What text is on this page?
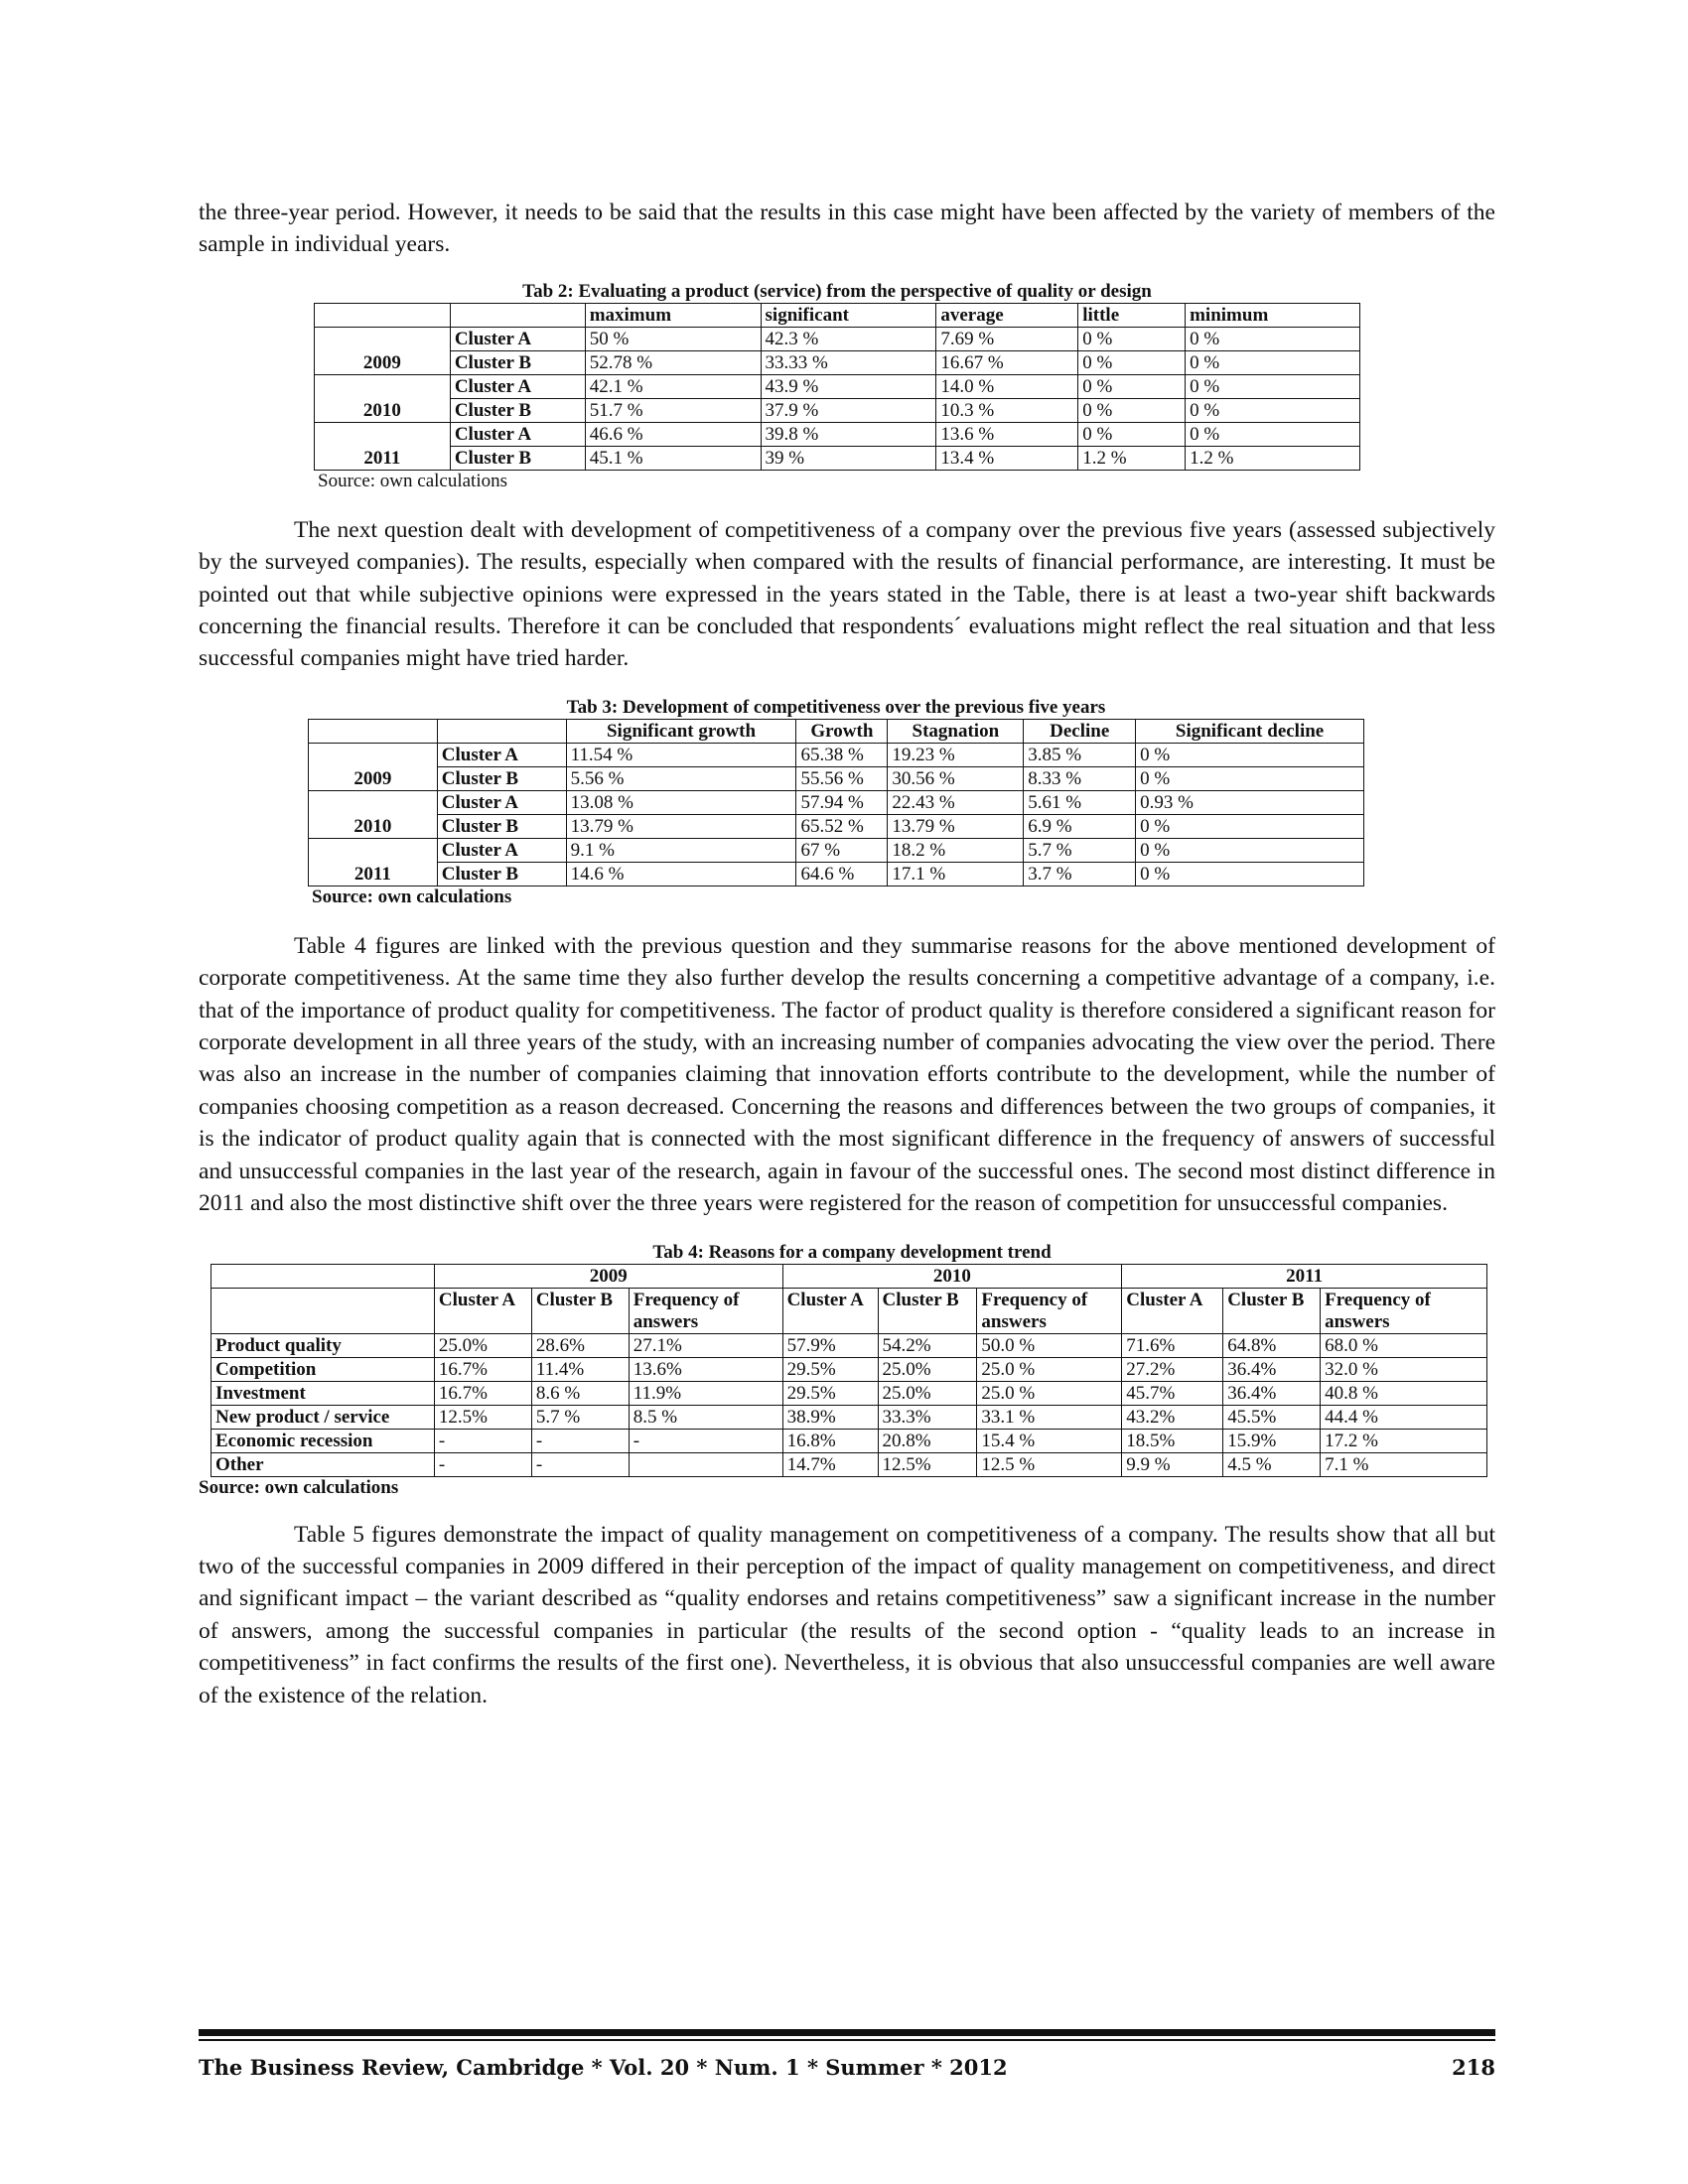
the three-year period. However, it needs to be said that the results in this case might have been affected by the variety of members of the sample in individual years.

Tab 2: Evaluating a product (service) from the perspective of quality or design

		maximum	significant	average	little	minimum
2009	Cluster A	50 %	42.3 %	7.69 %	0 %	0 %
	Cluster B	52.78 %	33.33 %	16.67 %	0 %	0 %
2010	Cluster A	42.1 %	43.9 %	14.0 %	0 %	0 %
	Cluster B	51.7 %	37.9 %	10.3 %	0 %	0 %
2011	Cluster A	46.6 %	39.8 %	13.6 %	0 %	0 %
	Cluster B	45.1 %	39 %	13.4 %	1.2 %	1.2 %

Source: own calculations

The next question dealt with development of competitiveness of a company over the previous five years (assessed subjectively by the surveyed companies). The results, especially when compared with the results of financial performance, are interesting. It must be pointed out that while subjective opinions were expressed in the years stated in the Table, there is at least a two-year shift backwards concerning the financial results. Therefore it can be concluded that respondents´ evaluations might reflect the real situation and that less successful companies might have tried harder.

Tab 3: Development of competitiveness over the previous five years

		Significant growth	Growth	Stagnation	Decline	Significant decline
2009	Cluster A	11.54 %	65.38 %	19.23 %	3.85 %	0 %
	Cluster B	5.56 %	55.56 %	30.56 %	8.33 %	0 %
2010	Cluster A	13.08 %	57.94 %	22.43 %	5.61 %	0.93 %
	Cluster B	13.79 %	65.52 %	13.79 %	6.9 %	0 %
2011	Cluster A	9.1 %	67 %	18.2 %	5.7 %	0 %
	Cluster B	14.6 %	64.6 %	17.1 %	3.7 %	0 %

Source: own calculations

Table 4 figures are linked with the previous question and they summarise reasons for the above mentioned development of corporate competitiveness. At the same time they also further develop the results concerning a competitive advantage of a company, i.e. that of the importance of product quality for competitiveness. The factor of product quality is therefore considered a significant reason for corporate development in all three years of the study, with an increasing number of companies advocating the view over the period. There was also an increase in the number of companies claiming that innovation efforts contribute to the development, while the number of companies choosing competition as a reason decreased. Concerning the reasons and differences between the two groups of companies, it is the indicator of product quality again that is connected with the most significant difference in the frequency of answers of successful and unsuccessful companies in the last year of the research, again in favour of the successful ones. The second most distinct difference in 2011 and also the most distinctive shift over the three years were registered for the reason of competition for unsuccessful companies.

Tab 4: Reasons for a company development trend

	2009			2010			2011		
	Cluster A	Cluster B	Frequency of answers	Cluster A	Cluster B	Frequency of answers	Cluster A	Cluster B	Frequency of answers
Product quality	25.0%	28.6%	27.1%	57.9%	54.2%	50.0 %	71.6%	64.8%	68.0 %
Competition	16.7%	11.4%	13.6%	29.5%	25.0%	25.0 %	27.2%	36.4%	32.0 %
Investment	16.7%	8.6 %	11.9%	29.5%	25.0%	25.0 %	45.7%	36.4%	40.8 %
New product / service	12.5%	5.7 %	8.5 %	38.9%	33.3%	33.1 %	43.2%	45.5%	44.4 %
Economic recession	-	-	-	16.8%	20.8%	15.4 %	18.5%	15.9%	17.2 %
Other	-	-		14.7%	12.5%	12.5 %	9.9 %	4.5 %	7.1 %

Source: own calculations

Table 5 figures demonstrate the impact of quality management on competitiveness of a company. The results show that all but two of the successful companies in 2009 differed in their perception of the impact of quality management on competitiveness, and direct and significant impact – the variant described as “quality endorses and retains competitiveness” saw a significant increase in the number of answers, among the successful companies in particular (the results of the second option - “quality leads to an increase in competitiveness” in fact confirms the results of the first one). Nevertheless, it is obvious that also unsuccessful companies are well aware of the existence of the relation.

The Business Review, Cambridge * Vol. 20 * Num. 1 * Summer * 2012	218
